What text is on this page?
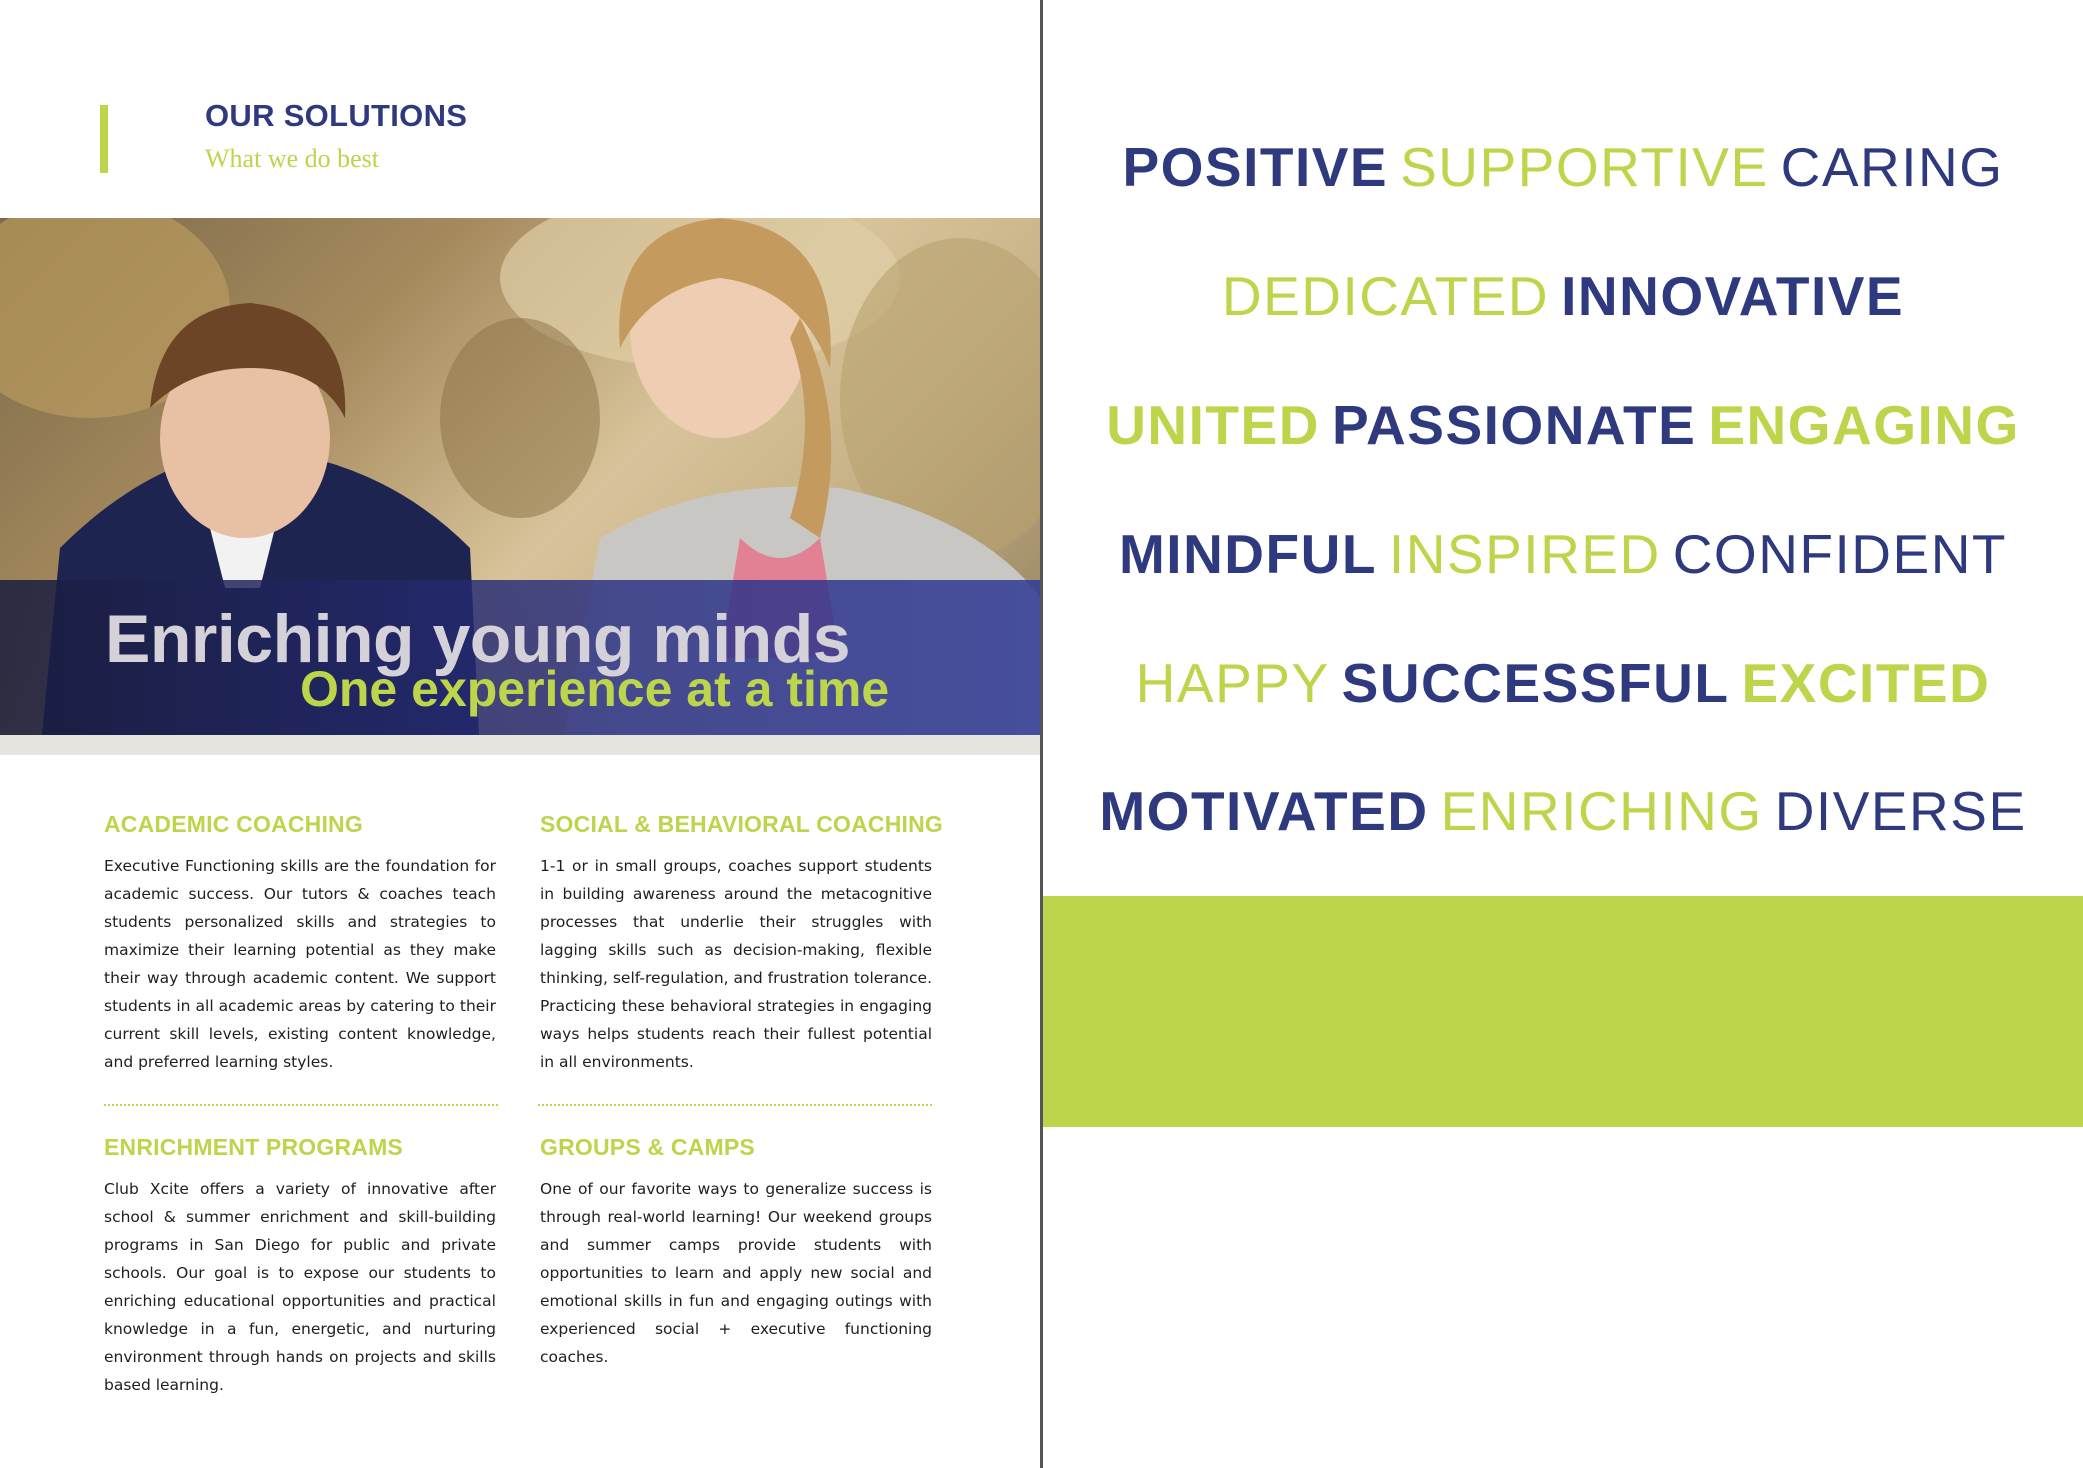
OUR SOLUTIONS
What we do best
Enriching young minds
One experience at a time
ACADEMIC COACHING

Executive Functioning skills are the foundation for academic success. Our tutors & coaches teach students personalized skills and strategies to maximize their learning potential as they make their way through academic content. We support students in all academic areas by catering to their current skill levels, existing content knowledge, and preferred learning styles.

SOCIAL & BEHAVIORAL COACHING

1-1 or in small groups, coaches support students in building awareness around the metacognitive processes that underlie their struggles with lagging skills such as decision-making, flexible thinking, self-regulation, and frustration tolerance. Practicing these behavioral strategies in engaging ways helps students reach their fullest potential in all environments.

ENRICHMENT PROGRAMS

Club Xcite offers a variety of innovative after school & summer enrichment and skill-building programs in San Diego for public and private schools. Our goal is to expose our students to enriching educational opportunities and practical knowledge in a fun, energetic, and nurturing environment through hands on projects and skills based learning.

GROUPS & CAMPS

One of our favorite ways to generalize success is through real-world learning! Our weekend groups and summer camps provide students with opportunities to learn and apply new social and emotional skills in fun and engaging outings with experienced social + executive functioning coaches.

POSITIVE SUPPORTIVE CARING
DEDICATED INNOVATIVE
UNITED PASSIONATE ENGAGING
MINDFUL INSPIRED CONFIDENT
HAPPY SUCCESSFUL EXCITED
MOTIVATED ENRICHING DIVERSE
